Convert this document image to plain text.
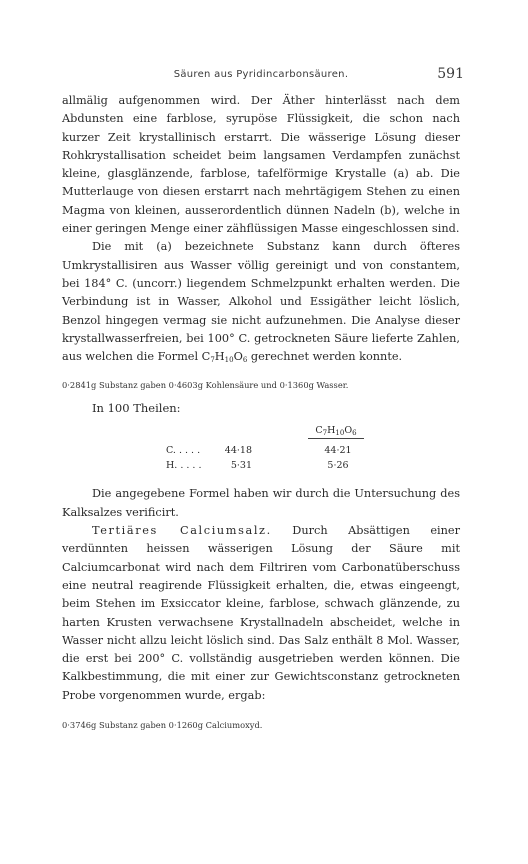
Säuren aus Pyridincarbonsäuren.	591

allmälig aufgenommen wird. Der Äther hinterlässt nach dem Abdunsten eine farblose, syrupöse Flüssigkeit, die schon nach kurzer Zeit krystallinisch erstarrt. Die wässerige Lösung dieser Rohkrystallisation scheidet beim langsamen Verdampfen zunächst kleine, glasglänzende, farblose, tafelförmige Krystalle (a) ab. Die Mutterlauge von diesen erstarrt nach mehrtägigem Stehen zu einen Magma von kleinen, ausserordentlich dünnen Nadeln (b), welche in einer geringen Menge einer zähflüssigen Masse eingeschlossen sind.

Die mit (a) bezeichnete Substanz kann durch öfteres Umkrystallisiren aus Wasser völlig gereinigt und von constantem, bei 184° C. (uncorr.) liegendem Schmelzpunkt erhalten werden. Die Verbindung ist in Wasser, Alkohol und Essigäther leicht löslich, Benzol hingegen vermag sie nicht aufzunehmen. Die Analyse dieser krystallwasserfreien, bei 100° C. getrockneten Säure lieferte Zahlen, aus welchen die Formel $C_7H_{10}O_6$ gerechnet werden konnte.

0·2841g Substanz gaben 0·4603g Kohlensäure und 0·1360g Wasser.

In 100 Theilen:

$C_7H_{10}O_6$
C. . . . .	44·18	44·21
H. . . . .	5·31	5·26

Die angegebene Formel haben wir durch die Untersuchung des Kalksalzes verificirt.

Tertiäres Calciumsalz. Durch Absättigen einer verdünnten heissen wässerigen Lösung der Säure mit Calciumcarbonat wird nach dem Filtriren vom Carbonatüberschuss eine neutral reagirende Flüssigkeit erhalten, die, etwas eingeengt, beim Stehen im Exsiccator kleine, farblose, schwach glänzende, zu harten Krusten verwachsene Krystallnadeln abscheidet, welche in Wasser nicht allzu leicht löslich sind. Das Salz enthält 8 Mol. Wasser, die erst bei 200° C. vollständig ausgetrieben werden können. Die Kalkbestimmung, die mit einer zur Gewichtsconstanz getrockneten Probe vorgenommen wurde, ergab:

0·3746g Substanz gaben 0·1260g Calciumoxyd.
